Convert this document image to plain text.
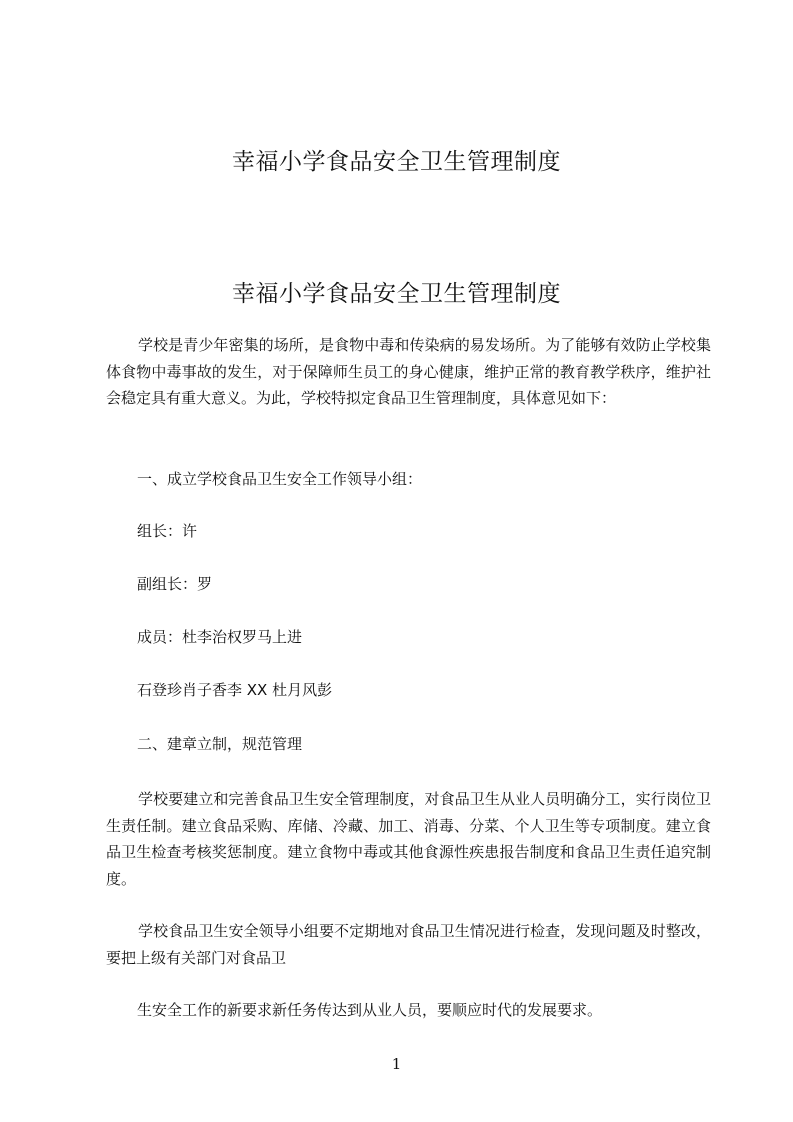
幸福小学食品安全卫生管理制度
幸福小学食品安全卫生管理制度

学校是青少年密集的场所，是食物中毒和传染病的易发场所。为了能够有效防止学校集体食物中毒事故的发生，对于保障师生员工的身心健康，维护正常的教育教学秩序，维护社会稳定具有重大意义。为此，学校特拟定食品卫生管理制度，具体意见如下：

一、成立学校食品卫生安全工作领导小组：

组长：许

副组长：罗

成员：杜李治权罗马上进

石登珍肖子香李 XX 杜月风彭

二、建章立制，规范管理

学校要建立和完善食品卫生安全管理制度，对食品卫生从业人员明确分工，实行岗位卫生责任制。建立食品采购、库储、冷藏、加工、消毒、分菜、个人卫生等专项制度。建立食品卫生检查考核奖惩制度。建立食物中毒或其他食源性疾患报告制度和食品卫生责任追究制度。

学校食品卫生安全领导小组要不定期地对食品卫生情况进行检查，发现问题及时整改，要把上级有关部门对食品卫

生安全工作的新要求新任务传达到从业人员，要顺应时代的发展要求。

1
